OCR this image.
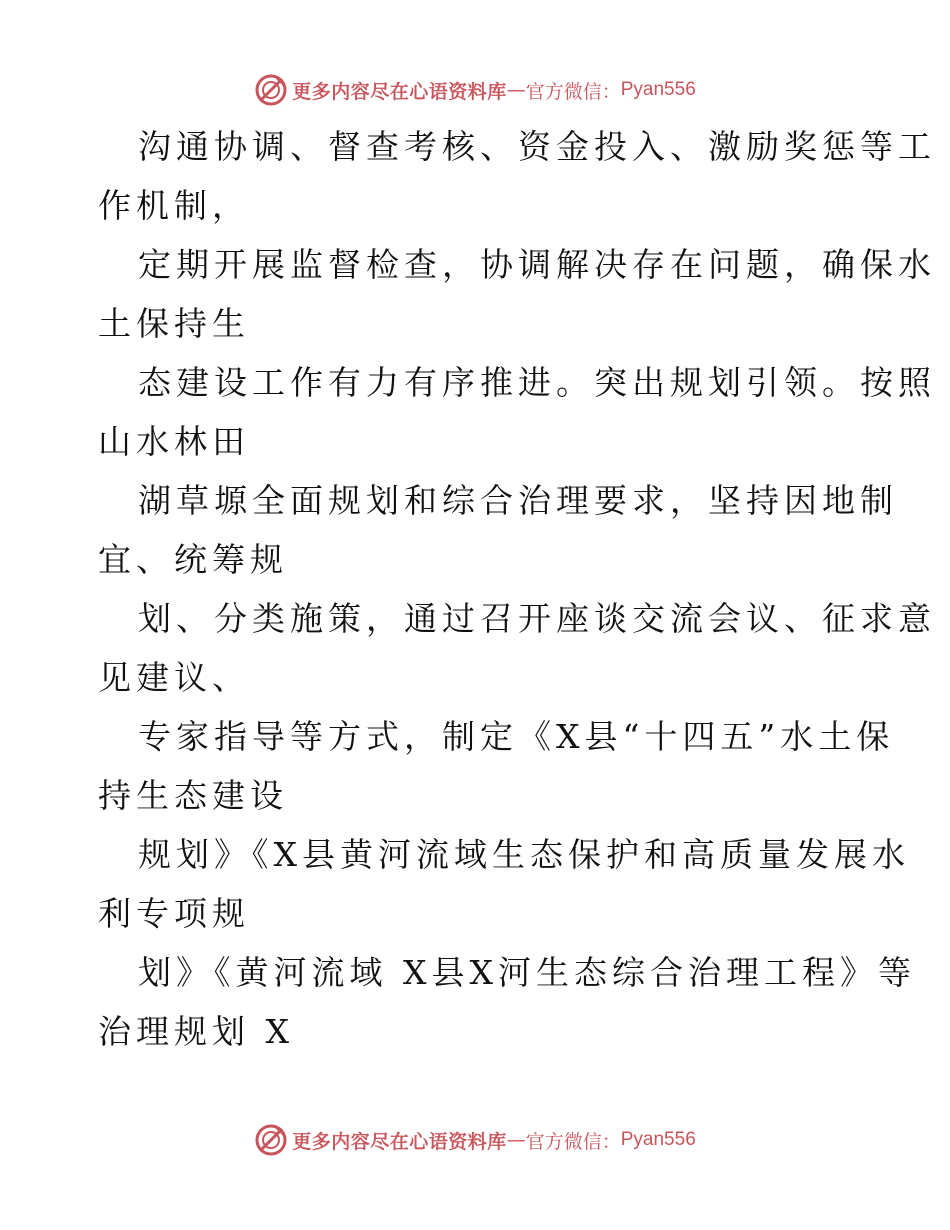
更多内容尽在心语资料库 — 官方微信： Pyan556
沟通协调、督查考核、资金投入、激励奖惩等工
作机制，
定期开展监督检查，协调解决存在问题，确保水
土保持生
态建设工作有力有序推进。突出规划引领。按照
山水林田
湖草塬全面规划和综合治理要求，坚持因地制
宜、统筹规
划、分类施策，通过召开座谈交流会议、征求意
见建议、
专家指导等方式，制定《X县“十四五”水土保
持生态建设
规划》《X县黄河流域生态保护和高质量发展水
利专项规
划》《黄河流域 X县X河生态综合治理工程》等
治理规划 X
更多内容尽在心语资料库 — 官方微信： Pyan556
